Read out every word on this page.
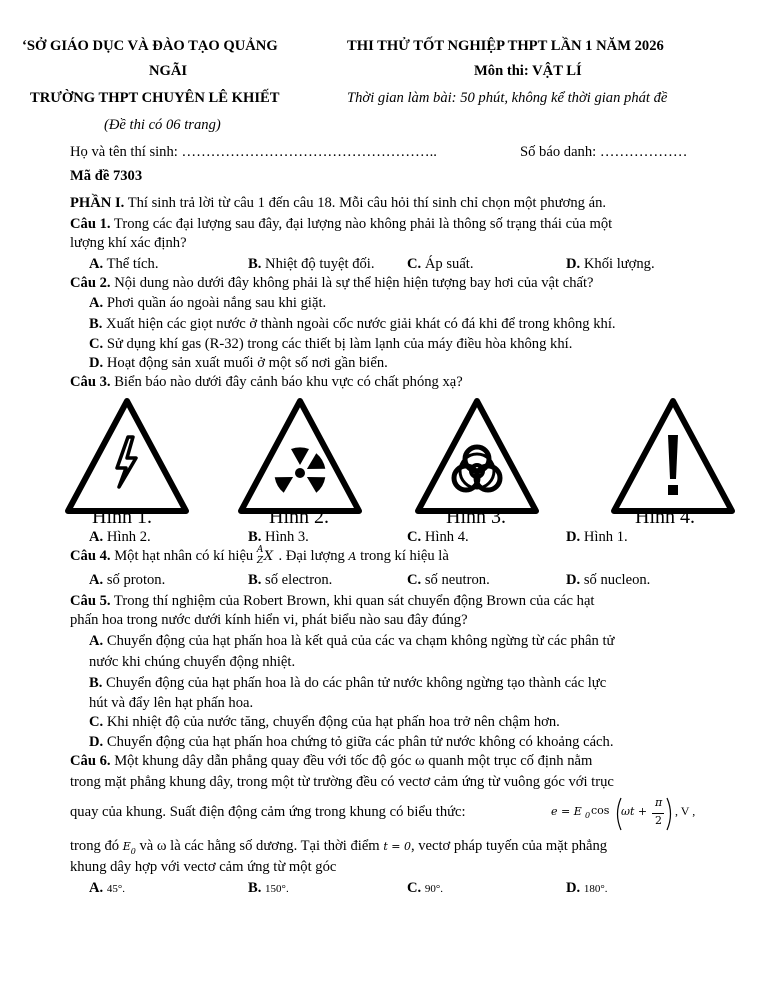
‘SỞ GIÁO DỤC VÀ ĐÀO TẠO QUẢNG
NGÃI
TRƯỜNG THPT CHUYÊN LÊ KHIẾT
(Đề thi có 06 trang)
THI THỬ TỐT NGHIỆP THPT LẦN 1 NĂM 2026
Môn thi: VẬT LÍ
Thời gian làm bài: 50 phút, không kể thời gian phát đề
Họ và tên thí sinh: ……………………………………………..	Số báo danh: ………………
Mã đề 7303
PHẦN I. Thí sinh trả lời từ câu 1 đến câu 18. Mỗi câu hỏi thí sinh chỉ chọn một phương án.
Câu 1. Trong các đại lượng sau đây, đại lượng nào không phải là thông số trạng thái của một
lượng khí xác định?
A. Thể tích.	B. Nhiệt độ tuyệt đối. C. Áp suất.	D. Khối lượng.
Câu 2. Nội dung nào dưới đây không phải là sự thể hiện hiện tượng bay hơi của vật chất?
A. Phơi quần áo ngoài nắng sau khi giặt.
B. Xuất hiện các giọt nước ở thành ngoài cốc nước giải khát có đá khi để trong không khí.
C. Sử dụng khí gas (R-32) trong các thiết bị làm lạnh của máy điều hòa không khí.
D. Hoạt động sản xuất muối ở một số nơi gần biển.
Câu 3. Biển báo nào dưới đây cảnh báo khu vực có chất phóng xạ?
Hình 1.	Hình 2.	Hình 3.	Hình 4.
A. Hình 2.	B. Hình 3.	C. Hình 4.	D. Hình 1.
Câu 4. Một hạt nhân có kí hiệu A
Z X . Đại lượng A trong kí hiệu là
A. số proton.	B. số electron.	C. số neutron.	D. số nucleon.
Câu 5. Trong thí nghiệm của Robert Brown, khi quan sát chuyển động Brown của các hạt
phấn hoa trong nước dưới kính hiển vi, phát biểu nào sau đây đúng?
A. Chuyển động của hạt phấn hoa là kết quả của các va chạm không ngừng từ các phân tử
nước khi chúng chuyển động nhiệt.
B. Chuyển động của hạt phấn hoa là do các phân tử nước không ngừng tạo thành các lực
hút và đẩy lên hạt phấn hoa.
C. Khi nhiệt độ của nước tăng, chuyển động của hạt phấn hoa trở nên chậm hơn.
D. Chuyển động của hạt phấn hoa chứng tỏ giữa các phân tử nước không có khoảng cách.
Câu 6. Một khung dây dẫn phẳng quay đều với tốc độ góc ω quanh một trục cố định nằm
trong mặt phẳng khung dây, trong một từ trường đều có vectơ cảm ứng từ vuông góc với trục
quay của khung. Suất điện động cảm ứng trong khung có biểu thức:	e = E 0 cos ωt +
π
2
, V ,
trong đó $E_0$ và ω là các hằng số dương. Tại thời điểm t = 0, vectơ pháp tuyến của mặt phẳng
khung dây hợp với vectơ cảm ứng từ một góc
A. 45°.	B. 150°.	C. 90°.	D. 180°.
